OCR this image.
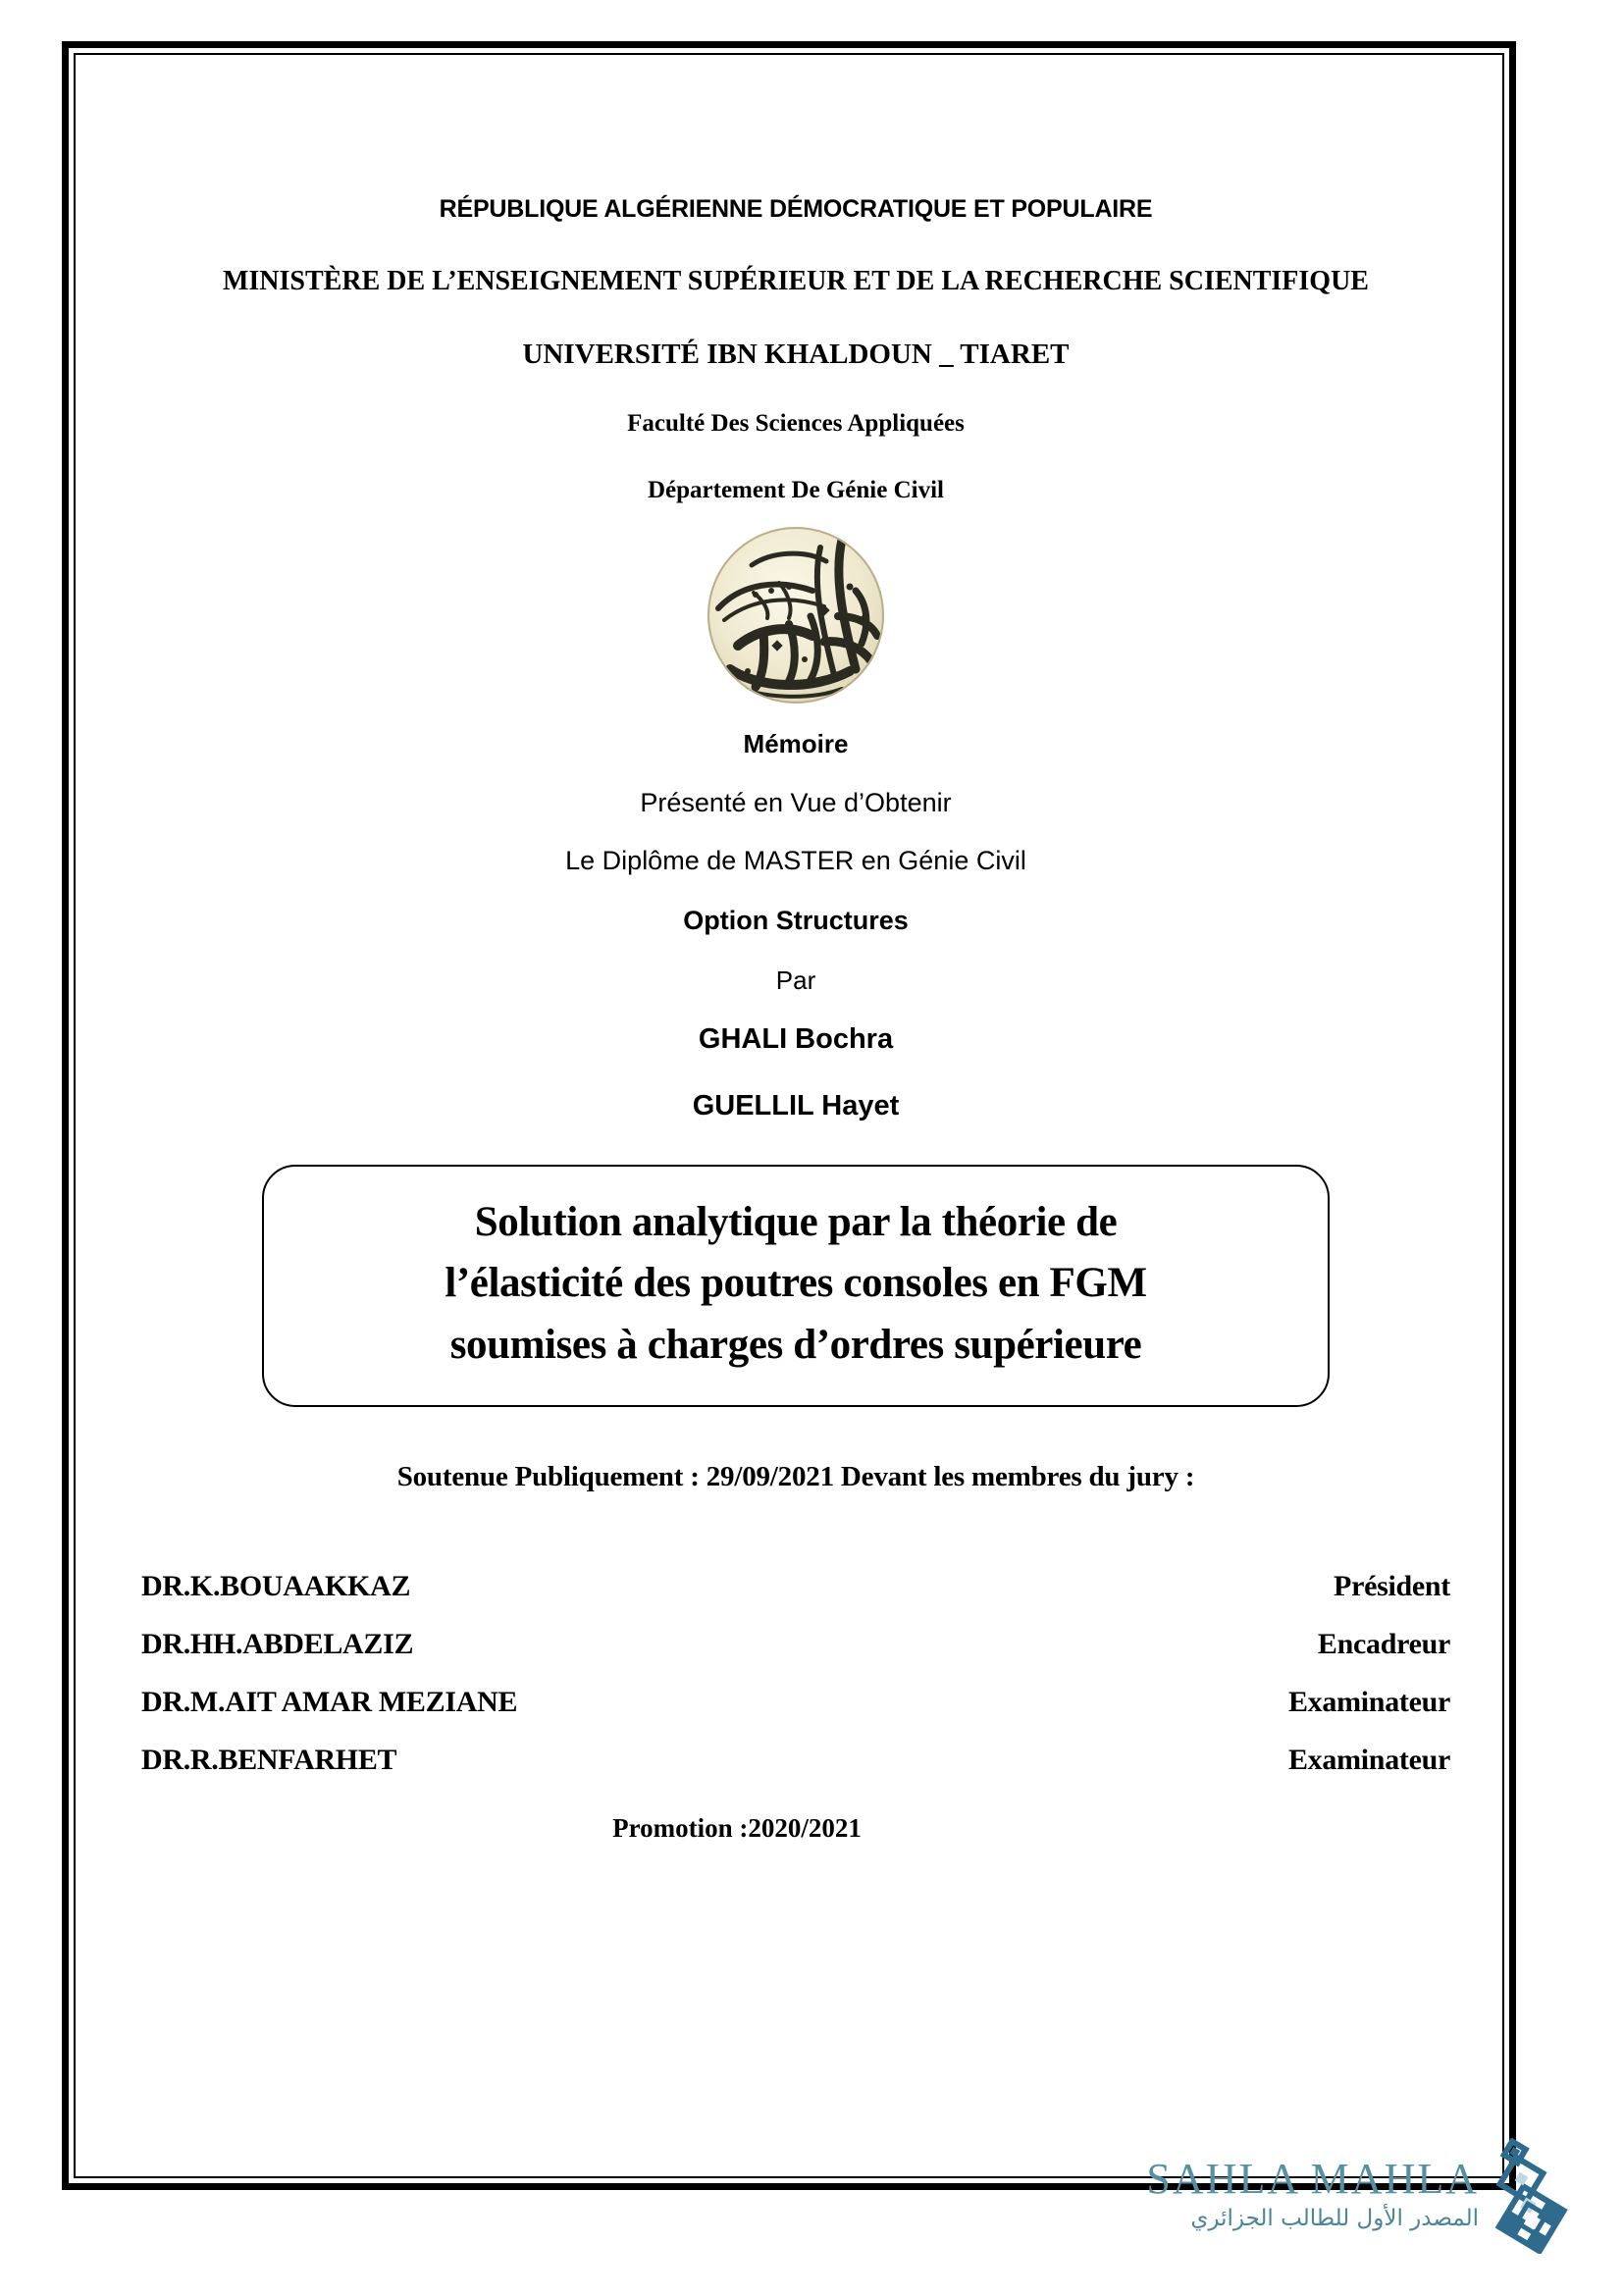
RÉPUBLIQUE ALGÉRIENNE DÉMOCRATIQUE ET POPULAIRE
MINISTÈRE DE L’ENSEIGNEMENT SUPÉRIEUR ET DE LA RECHERCHE SCIENTIFIQUE
UNIVERSITÉ IBN KHALDOUN _ TIARET
Faculté Des Sciences Appliquées
Département De Génie Civil
Mémoire
Présenté en Vue d’Obtenir
Le Diplôme de MASTER en Génie Civil
Option Structures
Par
GHALI Bochra
GUELLIL Hayet
Solution analytique par la théorie de
l’élasticité des poutres consoles en FGM
soumises à charges d’ordres supérieure
Soutenue Publiquement : 29/09/2021 Devant les membres du jury :
DR.K.BOUAAKKAZ	Président
DR.HH.ABDELAZIZ	Encadreur
DR.M.AIT AMAR MEZIANE	Examinateur
DR.R.BENFARHET	Examinateur
Promotion :2020/2021
SAHLA MAHLA
المصدر الأول للطالب الجزائري
